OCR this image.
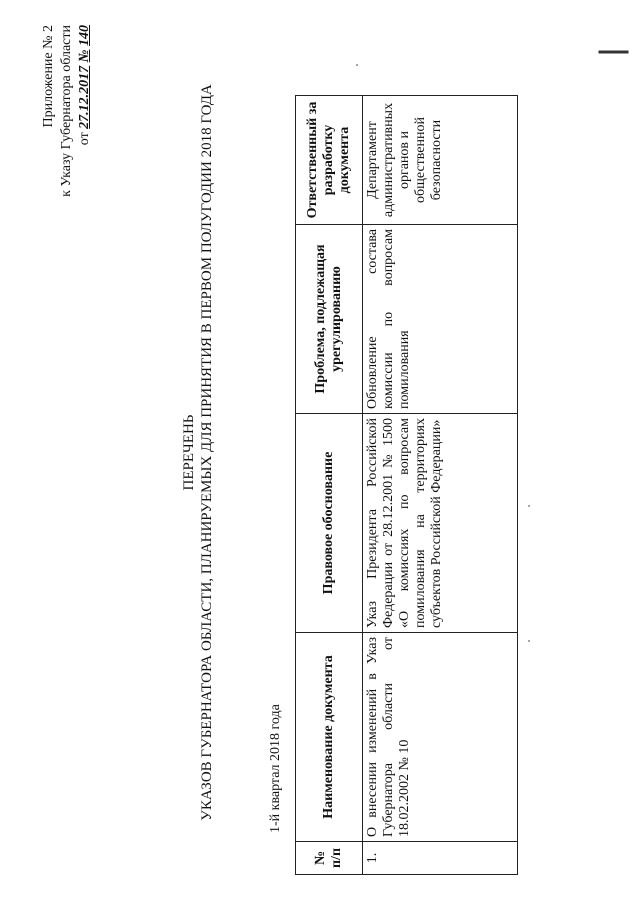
Приложение № 2 к Указу Губернатора области от 27.12.2017 № 140
ПЕРЕЧЕНЬ УКАЗОВ ГУБЕРНАТОРА ОБЛАСТИ, ПЛАНИРУЕМЫХ ДЛЯ ПРИНЯТИЯ В ПЕРВОМ ПОЛУГОДИИ 2018 ГОДА	1-й квартал 2018 года
№ п/п	Наименование документа	Правовое обоснование	Проблема, подлежащая урегулированию	Ответственный за разработку документа
1.	О внесении изменений в Указ Губернатора области от 18.02.2002 № 10	Указ Президента Российской Федерации от 28.12.2001 № 1500 «О комиссиях по вопросам помилования на территориях субъектов Российской Федерации»	Обновление состава комиссии по вопросам помилования	Департамент административных органов и общественной безопасности
